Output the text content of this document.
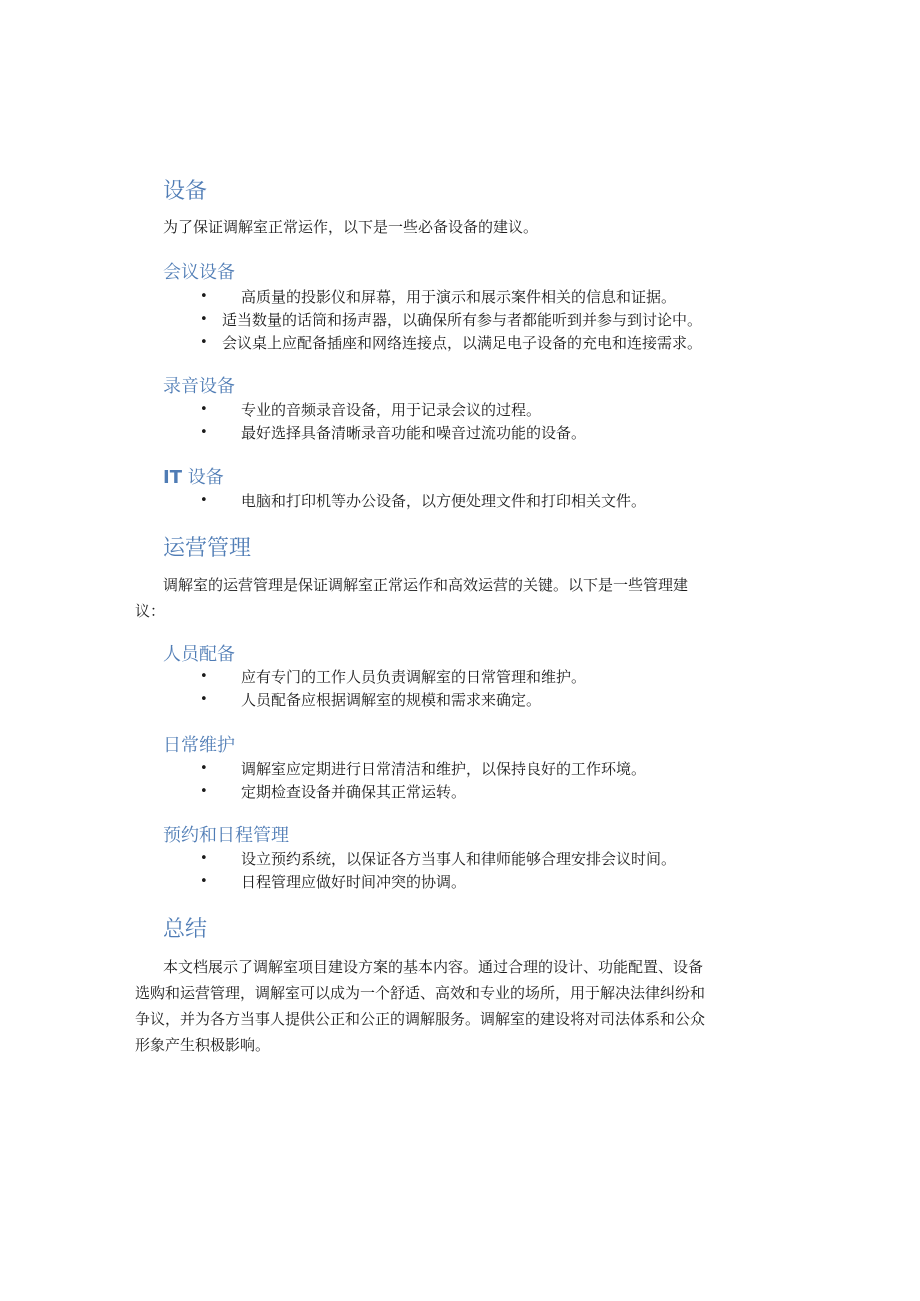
设备

为了保证调解室正常运作，以下是一些必备设备的建议。

会议设备
• 高质量的投影仪和屏幕，用于演示和展示案件相关的信息和证据。
• 适当数量的话筒和扬声器，以确保所有参与者都能听到并参与到讨论中。
• 会议桌上应配备插座和网络连接点，以满足电子设备的充电和连接需求。
录音设备
• 专业的音频录音设备，用于记录会议的过程。
• 最好选择具备清晰录音功能和噪音过流功能的设备。
IT 设备
• 电脑和打印机等办公设备，以方便处理文件和打印相关文件。
运营管理

调解室的运营管理是保证调解室正常运作和高效运营的关键。以下是一些管理建

议：

人员配备
• 应有专门的工作人员负责调解室的日常管理和维护。
• 人员配备应根据调解室的规模和需求来确定。
日常维护
• 调解室应定期进行日常清洁和维护，以保持良好的工作环境。
• 定期检查设备并确保其正常运转。
预约和日程管理
• 设立预约系统，以保证各方当事人和律师能够合理安排会议时间。
• 日程管理应做好时间冲突的协调。
总结

本文档展示了调解室项目建设方案的基本内容。通过合理的设计、功能配置、设备

选购和运营管理，调解室可以成为一个舒适、高效和专业的场所，用于解决法律纠纷和

争议，并为各方当事人提供公正和公正的调解服务。调解室的建设将对司法体系和公众

形象产生积极影响。
